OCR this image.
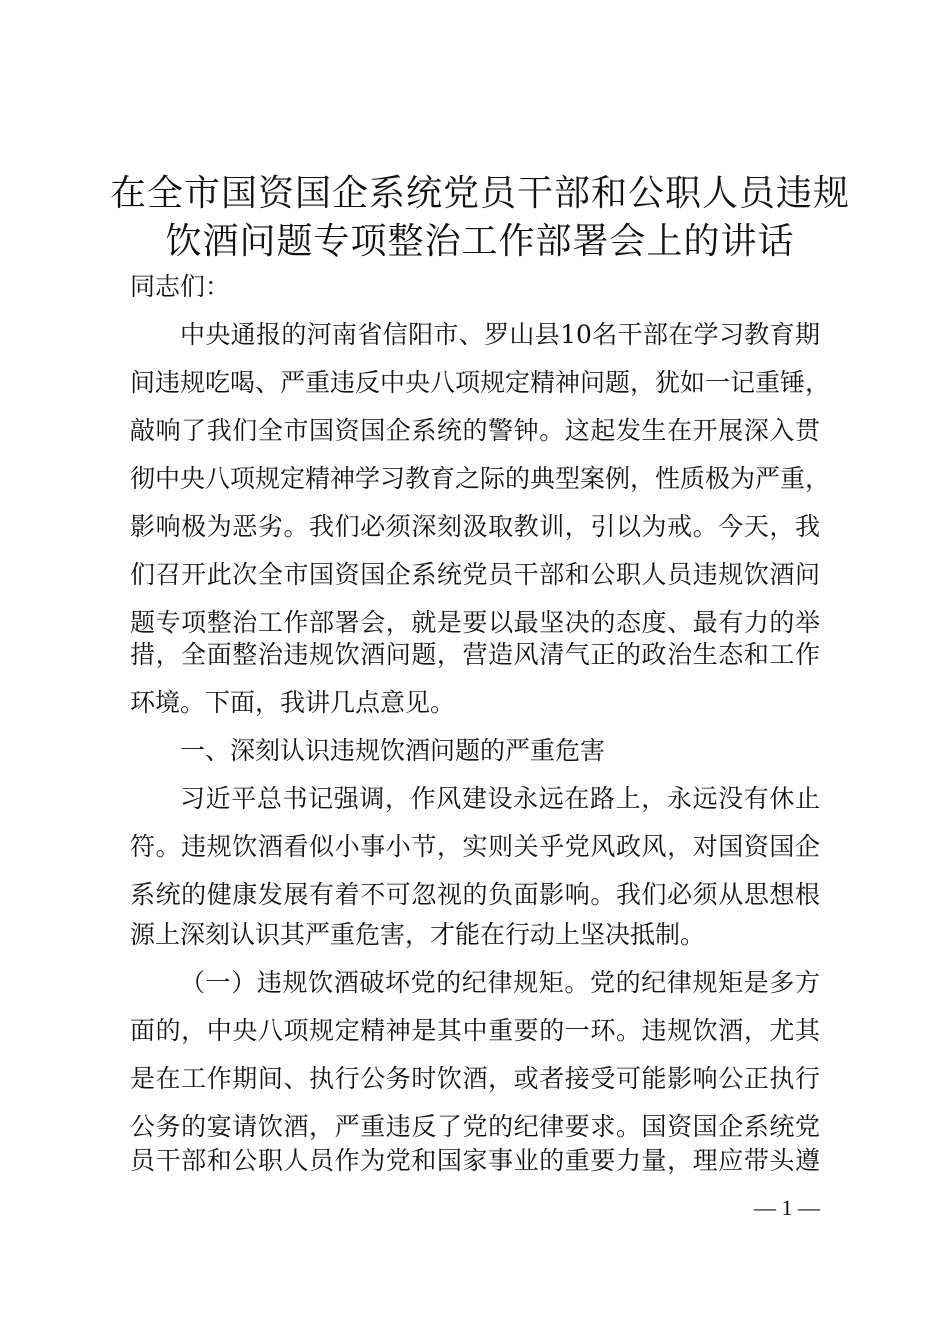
在全市国资国企系统党员干部和公职人员违规
饮酒问题专项整治工作部署会上的讲话
同志们：
中央通报的河南省信阳市、罗山县10名干部在学习教育期
间违规吃喝、严重违反中央八项规定精神问题，犹如一记重锤，
敲响了我们全市国资国企系统的警钟。这起发生在开展深入贯
彻中央八项规定精神学习教育之际的典型案例，性质极为严重，
影响极为恶劣。我们必须深刻汲取教训，引以为戒。今天，我
们召开此次全市国资国企系统党员干部和公职人员违规饮酒问
题专项整治工作部署会，就是要以最坚决的态度、最有力的举
措，全面整治违规饮酒问题，营造风清气正的政治生态和工作
环境。下面，我讲几点意见。
一、深刻认识违规饮酒问题的严重危害
习近平总书记强调，作风建设永远在路上，永远没有休止
符。违规饮酒看似小事小节，实则关乎党风政风，对国资国企
系统的健康发展有着不可忽视的负面影响。我们必须从思想根
源上深刻认识其严重危害，才能在行动上坚决抵制。
（一）违规饮酒破坏党的纪律规矩。党的纪律规矩是多方
面的，中央八项规定精神是其中重要的一环。违规饮酒，尤其
是在工作期间、执行公务时饮酒，或者接受可能影响公正执行
公务的宴请饮酒，严重违反了党的纪律要求。国资国企系统党
员干部和公职人员作为党和国家事业的重要力量，理应带头遵
— 1 —
